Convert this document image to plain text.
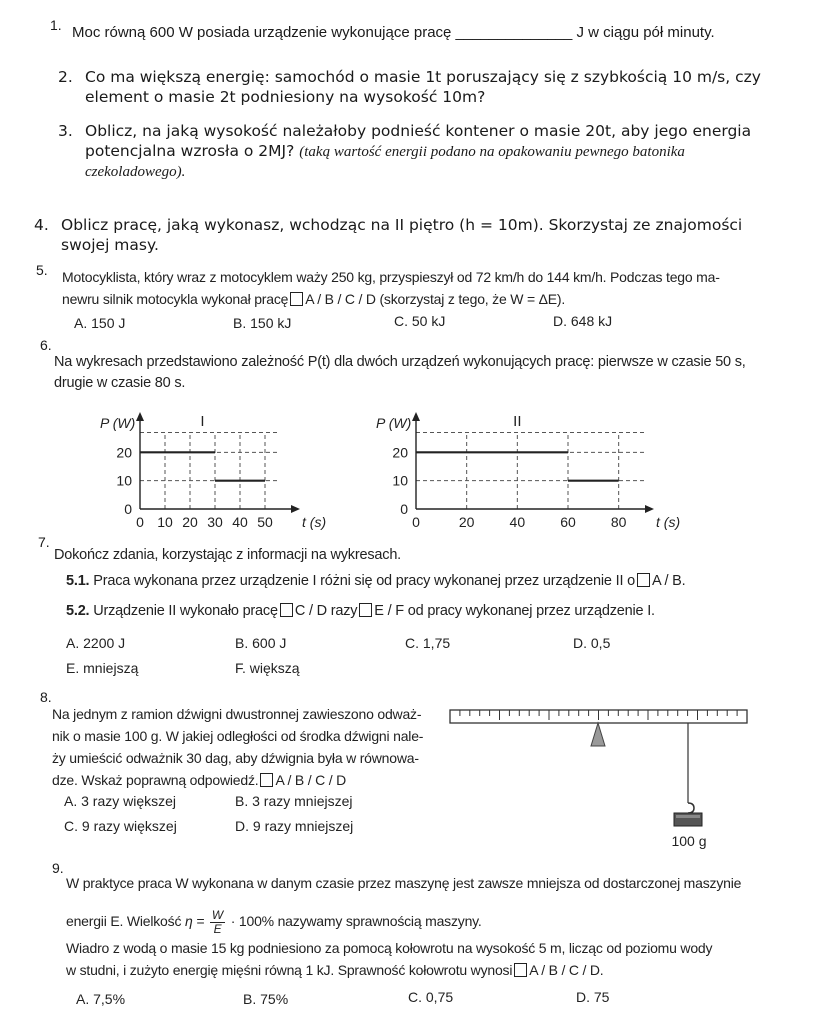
1. Moc równą 600 W posiada urządzenie wykonujące pracę ______________ J w ciągu pół minuty.
2. Co ma większą energię: samochód o masie 1t poruszający się z szybkością 10 m/s, czy
element o masie 2t podniesiony na wysokość 10m?
3. Oblicz, na jaką wysokość należałoby podnieść kontener o masie 20t, aby jego energia
potencjalna wzrosła o 2MJ? (taką wartość energii podano na opakowaniu pewnego batonika
czekoladowego).
4. Oblicz pracę, jaką wykonasz, wchodząc na II piętro (h = 10m). Skorzystaj ze znajomości
swojej masy.
5. Motocyklista, który wraz z motocyklem waży 250 kg, przyspieszył od 72 km/h do 144 km/h. Podczas tego ma-
newru silnik motocykla wykonał pracę A / B / C / D (skorzystaj z tego, że W = ΔE).
A. 150 J	B. 150 kJ	C. 50 kJ	D. 648 kJ
6.
Na wykresach przedstawiono zależność P(t) dla dwóch urządzeń wykonujących pracę: pierwsze w czasie 50 s,
drugie w czasie 80 s.
0 10 20 30 40 50
0
10
20
P (W)
t (s)
I
0	20	40	60	80
0
10
20
P (W)
t (s)
II
7.
Dokończ zdania, korzystając z informacji na wykresach.
5.1. Praca wykonana przez urządzenie I różni się od pracy wykonanej przez urządzenie II o A / B.
5.2. Urządzenie II wykonało pracę C / D razy E / F od pracy wykonanej przez urządzenie I.
A. 2200 J	B. 600 J	C. 1,75	D. 0,5
E. mniejszą	F. większą
8.
Na jednym z ramion dźwigni dwustronnej zawieszono odważ-
nik o masie 100 g. W jakiej odległości od środka dźwigni nale-
ży umieścić odważnik 30 dag, aby dźwignia była w równowa-
dze. Wskaż poprawną odpowiedź. A / B / C / D
A. 3 razy większej	B. 3 razy mniejszej
C. 9 razy większej	D. 9 razy mniejszej
100 g
9.
W praktyce praca W wykonana w danym czasie przez maszynę jest zawsze mniejsza od dostarczonej maszynie
energii E. Wielkość $\eta = \frac{W}{E} \cdot 100\%$ nazywamy sprawnością maszyny.
Wiadro z wodą o masie 15 kg podniesiono za pomocą kołowrotu na wysokość 5 m, licząc od poziomu wody
w studni, i zużyto energię mięśni równą 1 kJ. Sprawność kołowrotu wynosi A / B / C / D.
A. 7,5%	B. 75%	C. 0,75	D. 75
